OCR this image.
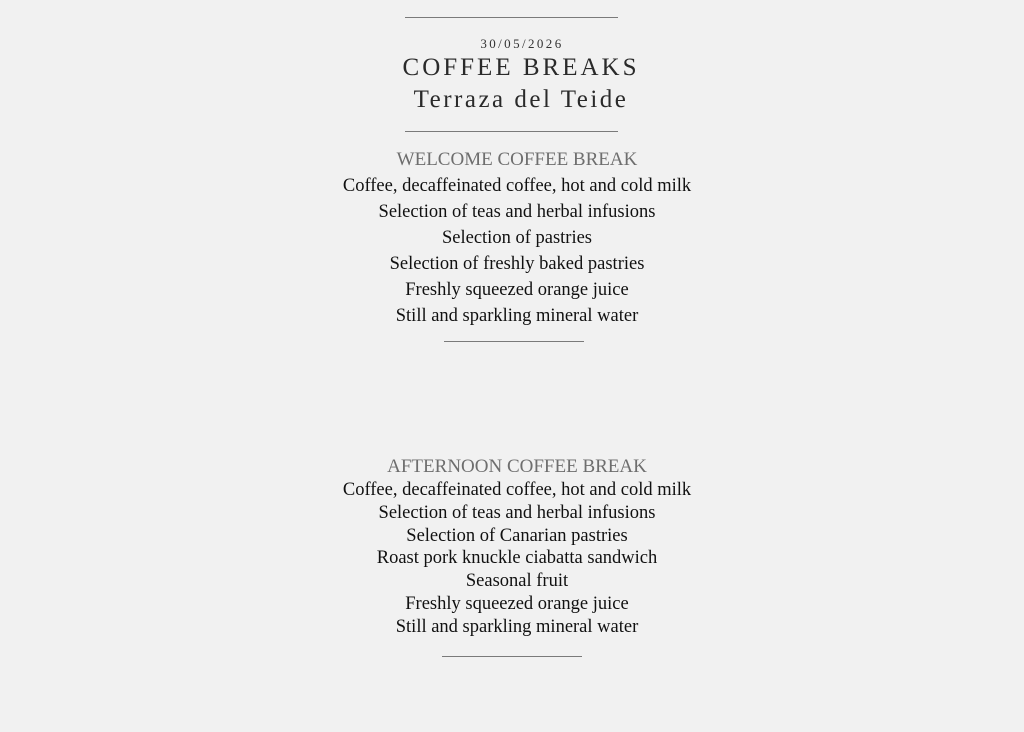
30/05/2026
COFFEE BREAKS
Terraza del Teide
WELCOME COFFEE BREAK
Coffee, decaffeinated coffee, hot and cold milk
Selection of teas and herbal infusions
Selection of pastries
Selection of freshly baked pastries
Freshly squeezed orange juice
Still and sparkling mineral water
AFTERNOON COFFEE BREAK
Coffee, decaffeinated coffee, hot and cold milk
Selection of teas and herbal infusions
Selection of Canarian pastries
Roast pork knuckle ciabatta sandwich
Seasonal fruit
Freshly squeezed orange juice
Still and sparkling mineral water
